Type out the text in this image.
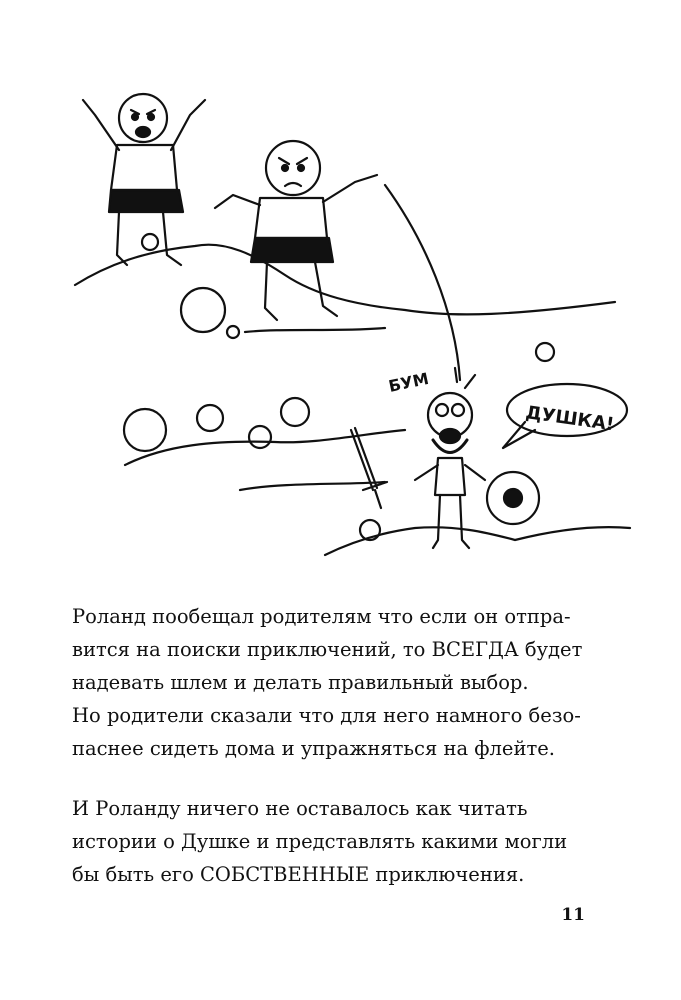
БУМ
ДУШКА!
Роланд пообещал родителям что если он отпра-
вится на поиски приключений, то ВСЕГДА будет
надевать шлем и делать правильный выбор.
Но родители сказали что для него намного безо-
паснее сидеть дома и упражняться на флейте.
И Роланду ничего не оставалось как читать
истории о Душке и представлять какими могли
бы быть его СОБСТВЕННЫЕ приключения.
11
